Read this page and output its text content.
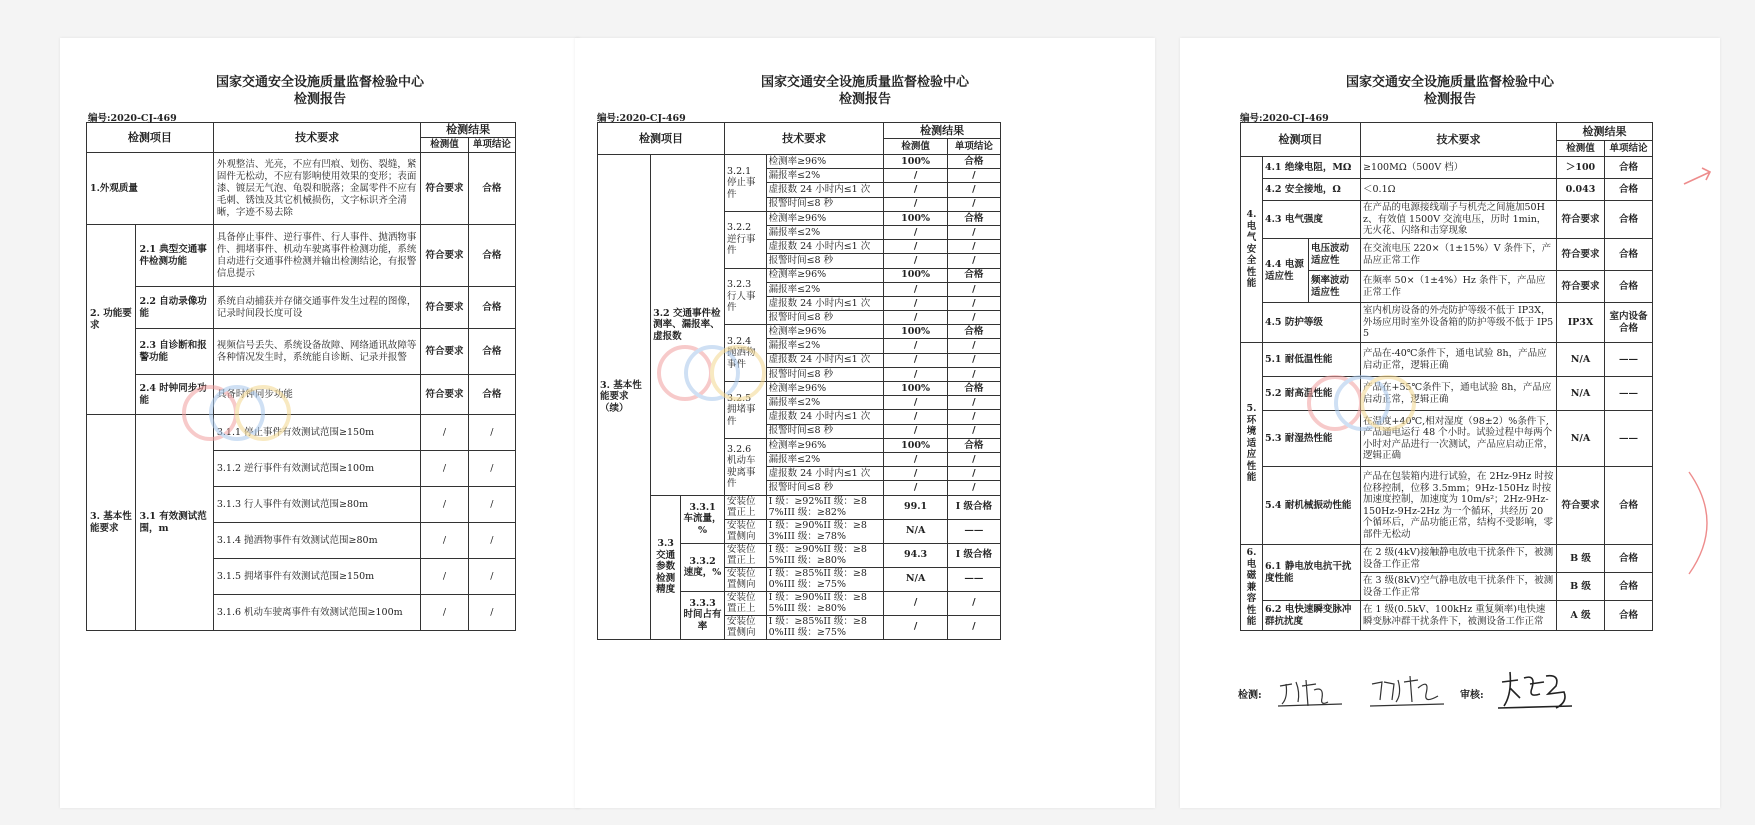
国家交通安全设施质量监督检验中心
检测报告
编号:2020-CJ-469
检测项目		技术要求	检测结果	
			检测值	单项结论
1.外观质量		外观整洁、光亮，不应有凹痕、划伤、裂缝，紧固件无松动，不应有影响使用效果的变形；表面漆、镀层无气泡、龟裂和脱落；金属零件不应有毛刺、锈蚀及其它机械损伤，文字标识齐全清晰，字迹不易去除	符合要求	合格
2. 功能要求	2.1 典型交通事件检测功能	具备停止事件、逆行事件、行人事件、抛洒物事件、拥堵事件、机动车驶离事件检测功能，系统自动进行交通事件检测并输出检测结论，有报警信息提示	符合要求	合格
	2.2 自动录像功能	系统自动捕获并存储交通事件发生过程的图像，记录时间段长度可设	符合要求	合格
	2.3 自诊断和报警功能	视频信号丢失、系统设备故障、网络通讯故障等各种情况发生时，系统能自诊断、记录并报警	符合要求	合格
	2.4 时钟同步功能	具备时钟同步功能	符合要求	合格
3. 基本性能要求	3.1 有效测试范围，m	3.1.1 停止事件有效测试范围≥150m	/	/
		3.1.2 逆行事件有效测试范围≥100m	/	/
		3.1.3 行人事件有效测试范围≥80m	/	/
		3.1.4 抛洒物事件有效测试范围≥80m	/	/
		3.1.5 拥堵事件有效测试范围≥150m	/	/
		3.1.6 机动车驶离事件有效测试范围≥100m	/	/
国家交通安全设施质量监督检验中心
检测报告
编号:2020-CJ-469
检测项目			技术要求		检测结果	
					检测值	单项结论
3. 基本性能要求（续）	3.2 交通事件检测率、漏报率、虚报数		3.2.1 停止事件	检测率≥96%	100%	合格
				漏报率≤2%	/	/
				虚报数 24 小时内≤1 次	/	/
				报警时间≤8 秒	/	/
			3.2.2 逆行事件	检测率≥96%	100%	合格
				漏报率≤2%	/	/
				虚报数 24 小时内≤1 次	/	/
				报警时间≤8 秒	/	/
			3.2.3 行人事件	检测率≥96%	100%	合格
				漏报率≤2%	/	/
				虚报数 24 小时内≤1 次	/	/
				报警时间≤8 秒	/	/
			3.2.4 抛洒物事件	检测率≥96%	100%	合格
				漏报率≤2%	/	/
				虚报数 24 小时内≤1 次	/	/
				报警时间≤8 秒	/	/
			3.2.5 拥堵事件	检测率≥96%	100%	合格
				漏报率≤2%	/	/
				虚报数 24 小时内≤1 次	/	/
				报警时间≤8 秒	/	/
			3.2.6 机动车驶离事件	检测率≥96%	100%	合格
				漏报率≤2%	/	/
				虚报数 24 小时内≤1 次	/	/
				报警时间≤8 秒	/	/
	3.3 交通参数检测精度	3.3.1 车流量，%	安装位置正上	I 级：≥92%II 级：≥87%III 级：≥82%	99.1	I 级合格
			安装位置侧向	I 级：≥90%II 级：≥83%III 级：≥78%	N/A	——
		3.3.2 速度，%	安装位置正上	I 级：≥90%II 级：≥85%III 级：≥80%	94.3	I 级合格
			安装位置侧向	I 级：≥85%II 级：≥80%III 级：≥75%	N/A	——
		3.3.3 时间占有率	安装位置正上	I 级：≥90%II 级：≥85%III 级：≥80%	/	/
			安装位置侧向	I 级：≥85%II 级：≥80%III 级：≥75%	/	/
国家交通安全设施质量监督检验中心
检测报告
编号:2020-CJ-469
检测项目			技术要求	检测结果	
				检测值	单项结论
4. 电气安全性能	4.1 绝缘电阻，MΩ		≥100MΩ（500V 档）	＞100	合格
	4.2 安全接地，Ω		＜0.1Ω	0.043	合格
	4.3 电气强度		在产品的电源接线端子与机壳之间施加50Hz、有效值 1500V 交流电压，历时 1min，无火花、闪络和击穿现象	符合要求	合格
	4.4 电源适应性	电压波动适应性	在交流电压 220×（1±15%）V 条件下，产品应正常工作	符合要求	合格
		频率波动适应性	在频率 50×（1±4%）Hz 条件下，产品应正常工作	符合要求	合格
	4.5 防护等级		室内机房设备的外壳防护等级不低于 IP3X，外场应用时室外设备箱的防护等级不低于 IP55	IP3X	室内设备合格
5. 环境适应性能	5.1 耐低温性能		产品在-40℃条件下，通电试验 8h，产品应启动正常，逻辑正确	N/A	——
	5.2 耐高温性能		产品在+55℃条件下，通电试验 8h，产品应启动正常，逻辑正确	N/A	——
	5.3 耐湿热性能		在温度+40℃,相对湿度（98±2）%条件下,产品通电运行 48 个小时。试验过程中每两个小时对产品进行一次测试，产品应启动正常，逻辑正确	N/A	——
	5.4 耐机械振动性能		产品在包装箱内进行试验，在 2Hz-9Hz 时按位移控制，位移 3.5mm；9Hz-150Hz 时按加速度控制，加速度为 10m/s²；2Hz-9Hz-150Hz-9Hz-2Hz 为一个循环，共经历 20 个循环后，产品功能正常，结构不受影响，零部件无松动	符合要求	合格
6. 电磁兼容性能	6.1 静电放电抗干扰度性能		在 2 级(4kV)接触静电放电干扰条件下，被测设备工作正常	B 级	合格
			在 3 级(8kV)空气静电放电干扰条件下，被测设备工作正常	B 级	合格
	6.2 电快速瞬变脉冲群抗扰度		在 1 级(0.5kV、100kHz 重复频率)电快速瞬变脉冲群干扰条件下，被测设备工作正常	A 级	合格
检测:	审核:
